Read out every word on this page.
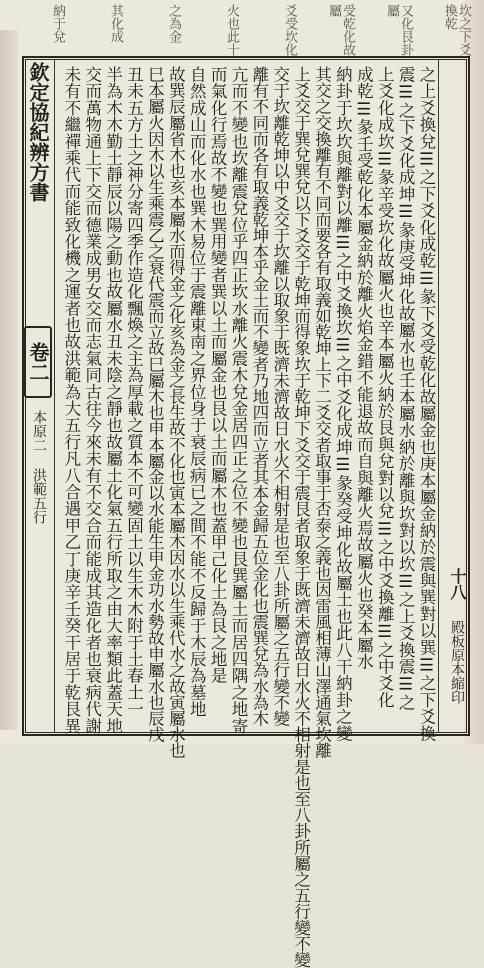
坎之下爻換乾
又化艮卦屬
受乾化故屬
爻受坎化
火也此十
之為金
其化成
納于兌
欽定協紀辨方書
卷二
本原二 洪範五行	之上爻換兌☰之下爻化成乾☰彖下爻受乾化故屬金也庚本屬金納於震與巽對以巽☰之下爻換
震☰之下爻化成坤☰彖庚受坤化故屬水也壬本屬水納於離與坎對以坎☰之上爻換震☰之
上爻化成坎☰彖辛受坎化故屬火也辛本屬火納於艮與兌對以兌☰之中爻換離☰之中爻化
成乾☰彖壬受乾化本屬金納於離火焰金錯不能退故而自與離火焉故屬火也癸本屬水
納卦于坎坎與離對以離☰之中爻換坎☰之中爻化成坤☰彖癸受坤化故屬土也此八干納卦之變
其交之交換離有不同而要各有取義如乾坤上下二爻交者取事于否泰之義也因雷風相薄山澤通氣坎離
上爻交于巽兌巽兌以下爻交于乾坤而得象坎于乾坤下爻交于震艮者取象于既濟未濟故日水火不相射是也至八卦所屬之五行變不變
交于坎離乾坤以中爻交于坎離以取象于既濟未濟故日水火不相射是也至八卦所屬之五行變不變
離有不同而各有取義乾坤本乎金土而不變者乃地四而立者其本金歸五位金化也震巽兌為水為木
亢而不變也坎離震兌位乎四正坎水離火震木兌金居四正之位不變也艮巽屬土而居四隅之地寄
而氣化行焉故不變也巽用變者巽以土而屬金也艮以土而屬木也蓋甲己化土為艮之地是
自然成山而化水也巽木易位于震離東南之界位身于衰辰病已之間不能不反歸于木辰為墓地
故巽辰屬省木也亥本屬水而得金之化亥為金之長生故不化也寅本屬木因水以生乘代水之故寅屬水也
巳本屬火因木以生乘震乙之衰代震而立故巳屬木也申本屬金以水能生申金功水勢故申屬水也辰戌
丑未五方土之神分寄四季作造化飄煥之主為厚載之質本不可變固土以生木木附于土春土一
半為木木勤土靜辰以陽之動也故屬水丑未陰之靜也故屬土化氣五行所取之由大率類此蓋天地
交而萬物通上下交而德業成男女交而志氣同古往今來未有不交合而能成其造化者也衰病代謝
未有不繼禪乘代而能致化機之運者也故洪範為大五行凡八合遇甲乙丁庚辛壬癸干居于乾艮異	十八
殿板原本縮印
